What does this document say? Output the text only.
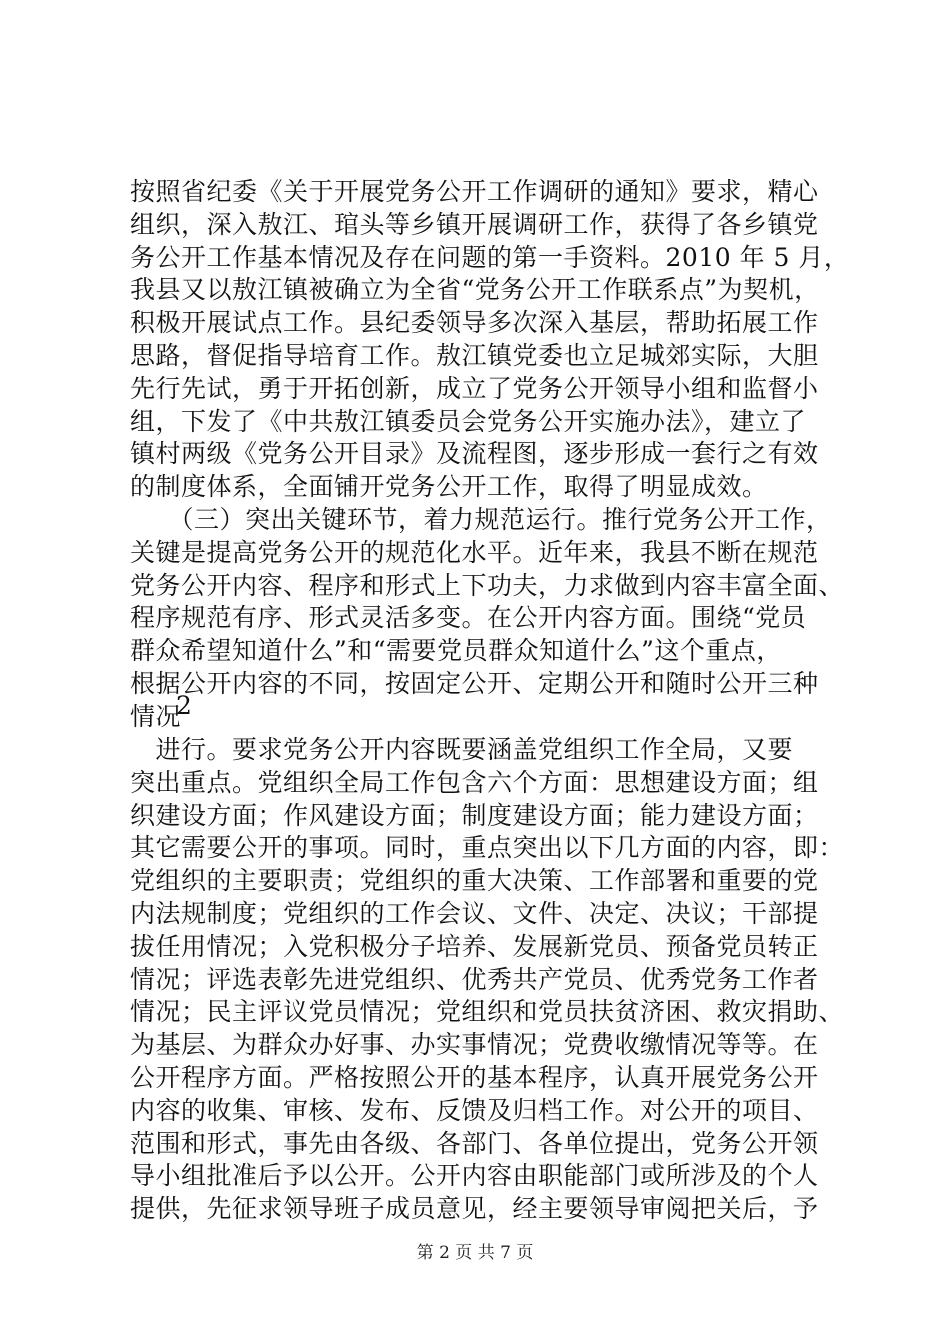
按照省纪委《关于开展党务公开工作调研的通知》要求，精心
组织，深入敖江、琯头等乡镇开展调研工作，获得了各乡镇党
务公开工作基本情况及存在问题的第一手资料。2010 年 5 月，
我县又以敖江镇被确立为全省“党务公开工作联系点”为契机，
积极开展试点工作。县纪委领导多次深入基层，帮助拓展工作
思路，督促指导培育工作。敖江镇党委也立足城郊实际，大胆
先行先试，勇于开拓创新，成立了党务公开领导小组和监督小
组，下发了《中共敖江镇委员会党务公开实施办法》，建立了
镇村两级《党务公开目录》及流程图，逐步形成一套行之有效
的制度体系，全面铺开党务公开工作，取得了明显成效。
　　（三）突出关键环节，着力规范运行。推行党务公开工作，
关键是提高党务公开的规范化水平。近年来，我县不断在规范
党务公开内容、程序和形式上下功夫，力求做到内容丰富全面、
程序规范有序、形式灵活多变。在公开内容方面。围绕“党员
群众希望知道什么”和“需要党员群众知道什么”这个重点，
根据公开内容的不同，按固定公开、定期公开和随时公开三种
情况
2
　进行。要求党务公开内容既要涵盖党组织工作全局，又要
突出重点。党组织全局工作包含六个方面：思想建设方面；组
织建设方面；作风建设方面；制度建设方面；能力建设方面；
其它需要公开的事项。同时，重点突出以下几方面的内容，即：
党组织的主要职责；党组织的重大决策、工作部署和重要的党
内法规制度；党组织的工作会议、文件、决定、决议；干部提
拔任用情况；入党积极分子培养、发展新党员、预备党员转正
情况；评选表彰先进党组织、优秀共产党员、优秀党务工作者
情况；民主评议党员情况；党组织和党员扶贫济困、救灾捐助、
为基层、为群众办好事、办实事情况；党费收缴情况等等。在
公开程序方面。严格按照公开的基本程序，认真开展党务公开
内容的收集、审核、发布、反馈及归档工作。对公开的项目、
范围和形式，事先由各级、各部门、各单位提出，党务公开领
导小组批准后予以公开。公开内容由职能部门或所涉及的个人
提供，先征求领导班子成员意见，经主要领导审阅把关后，予
第 2 页 共 7 页
